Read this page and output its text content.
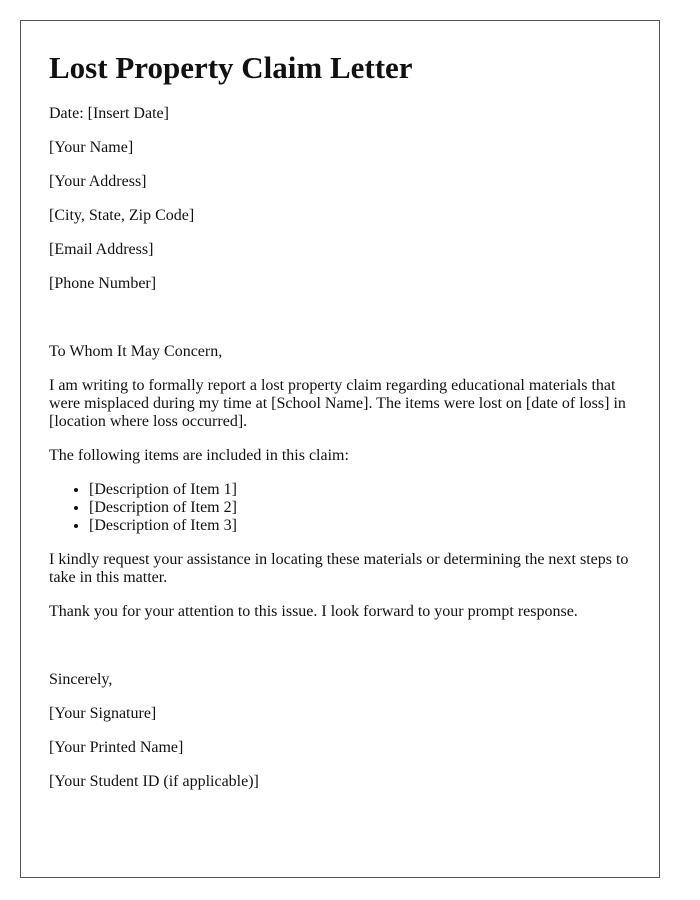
Lost Property Claim Letter
Date: [Insert Date]
[Your Name]
[Your Address]
[City, State, Zip Code]
[Email Address]
[Phone Number]
To Whom It May Concern,

I am writing to formally report a lost property claim regarding educational materials that were misplaced during my time at [School Name]. The items were lost on [date of loss] in [location where loss occurred].

The following items are included in this claim:

• [Description of Item 1]
• [Description of Item 2]
• [Description of Item 3]

I kindly request your assistance in locating these materials or determining the next steps to take in this matter.

Thank you for your attention to this issue. I look forward to your prompt response.

Sincerely,
[Your Signature]
[Your Printed Name]
[Your Student ID (if applicable)]
